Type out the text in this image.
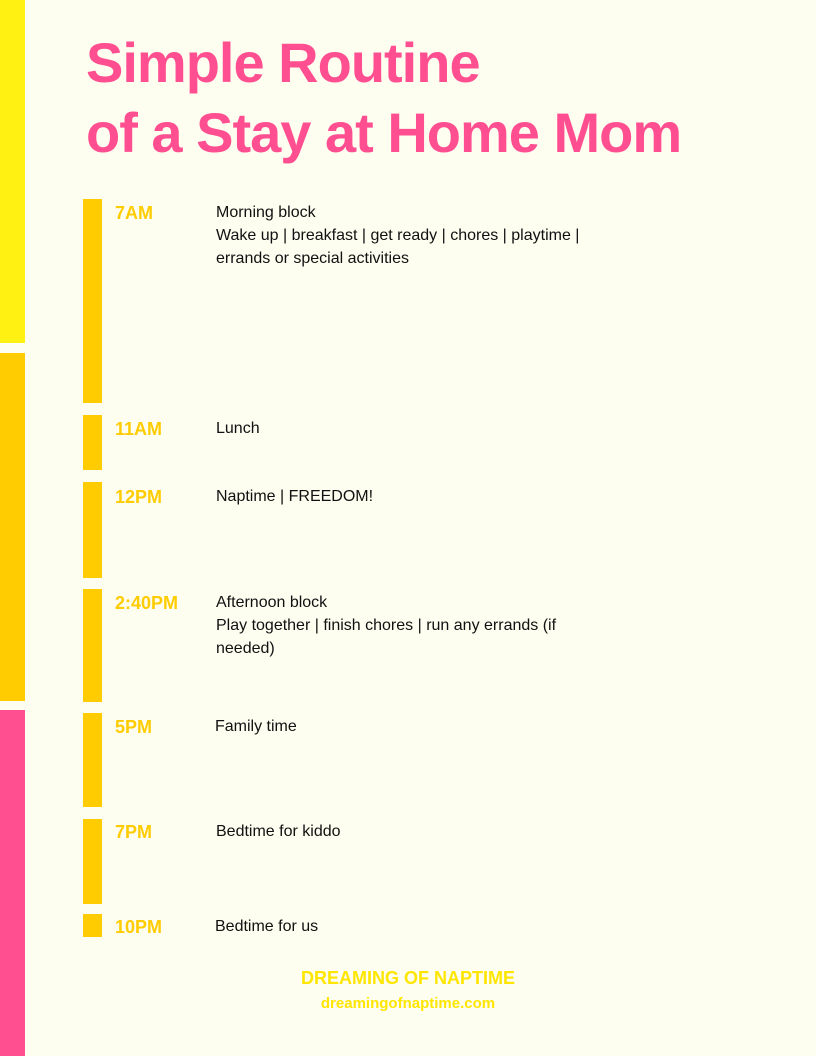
Simple Routine
of a Stay at Home Mom
7AM	Morning block
Wake up | breakfast | get ready | chores | playtime | errands or special activities
11AM	Lunch
12PM	Naptime | FREEDOM!
2:40PM Afternoon block
Play together | finish chores | run any errands (if needed)
5PM	Family time
7PM	Bedtime for kiddo
10PM	Bedtime for us
DREAMING OF NAPTIME
dreamingofnaptime.com
